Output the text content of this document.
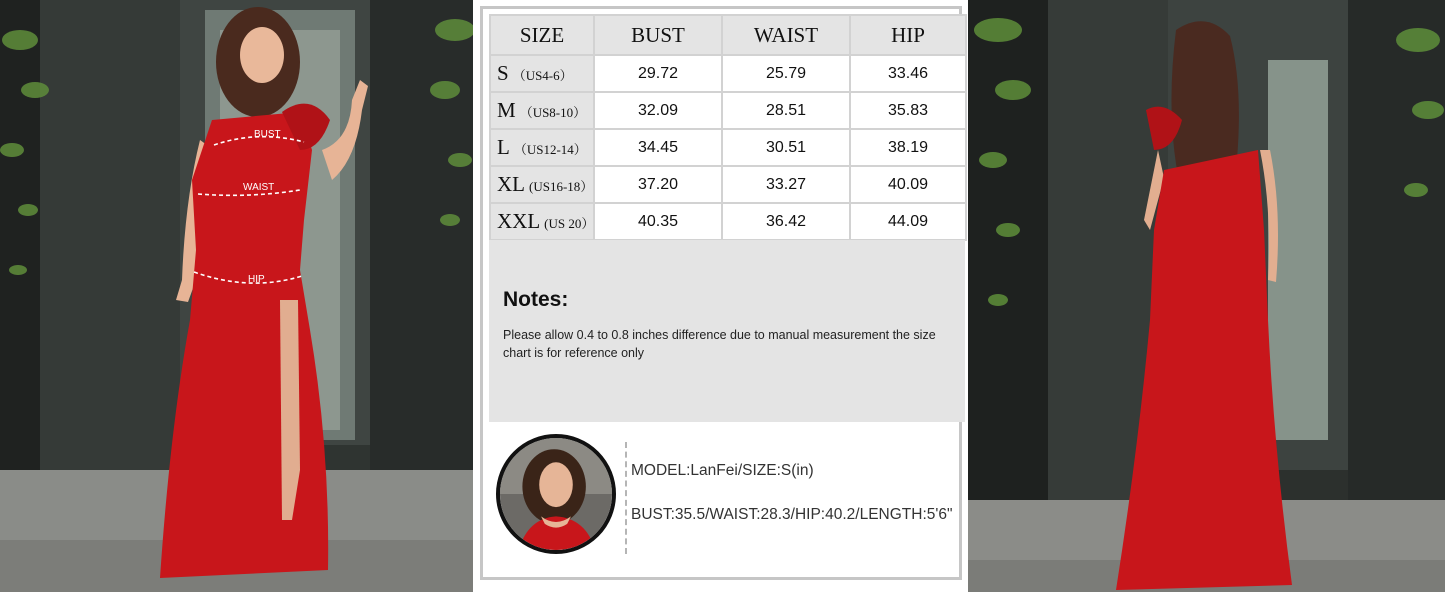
BUST
WAIST
HIP
SIZE	BUST	WAIST	HIP
S （US4-6）	29.72	25.79	33.46
M （US8-10）	32.09	28.51	35.83
L （US12-14）	34.45	30.51	38.19
XL (US16-18）	37.20	33.27	40.09
XXL (US 20）	40.35	36.42	44.09
Notes:
Please allow 0.4 to 0.8 inches difference due to manual measurement the size chart is for reference only
MODEL:LanFei/SIZE:S(in)
BUST:35.5/WAIST:28.3/HIP:40.2/LENGTH:5'6"
